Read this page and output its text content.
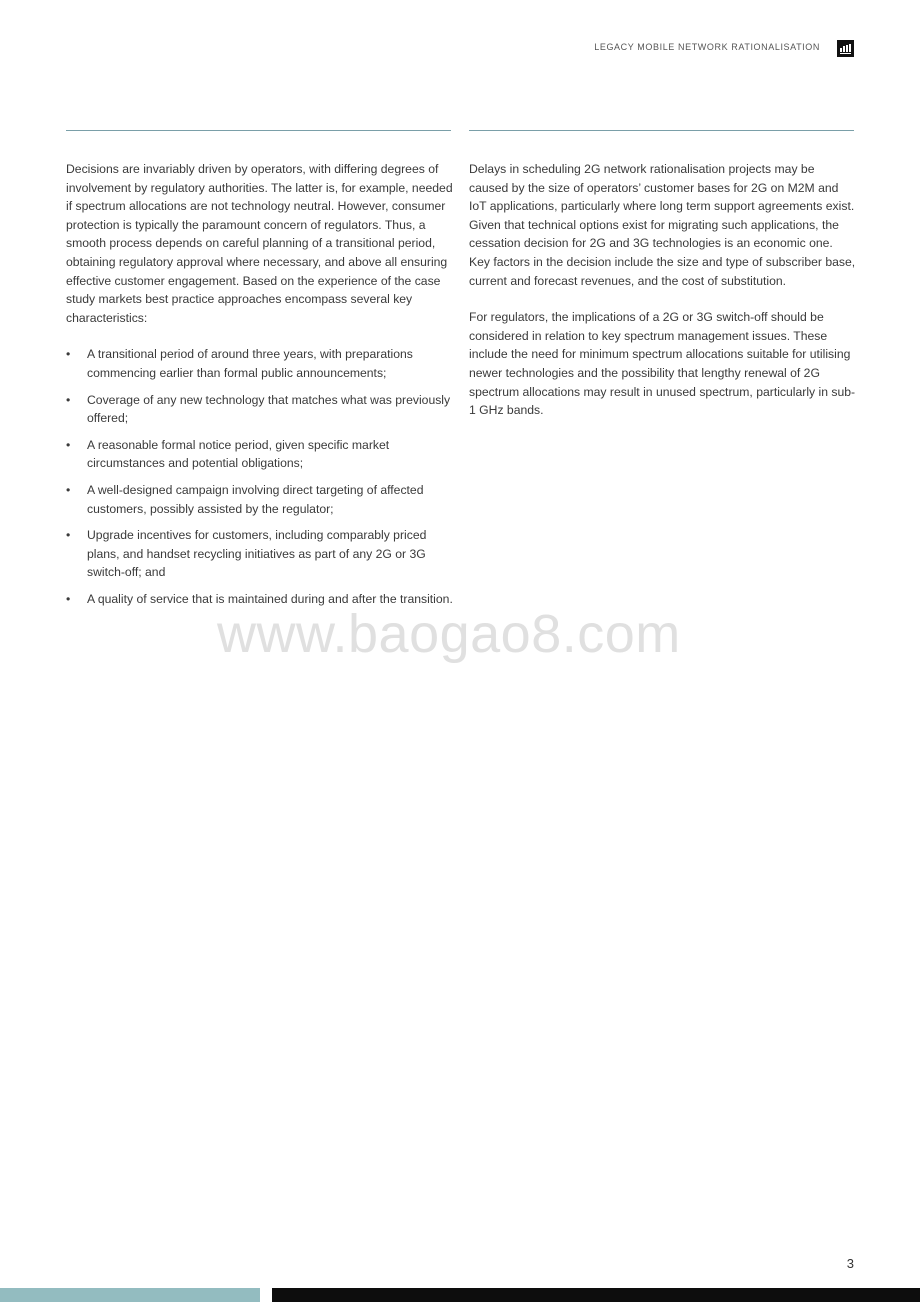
LEGACY MOBILE NETWORK RATIONALISATION

Decisions are invariably driven by operators, with differing degrees of involvement by regulatory authorities. The latter is, for example, needed if spectrum allocations are not technology neutral. However, consumer protection is typically the paramount concern of regulators. Thus, a smooth process depends on careful planning of a transitional period, obtaining regulatory approval where necessary, and above all ensuring effective customer engagement. Based on the experience of the case study markets best practice approaches encompass several key characteristics:

• A transitional period of around three years, with preparations commencing earlier than formal public announcements;
• Coverage of any new technology that matches what was previously offered;
• A reasonable formal notice period, given specific market circumstances and potential obligations;
• A well-designed campaign involving direct targeting of affected customers, possibly assisted by the regulator;
• Upgrade incentives for customers, including comparably priced plans, and handset recycling initiatives as part of any 2G or 3G switch-off; and
• A quality of service that is maintained during and after the transition.

Delays in scheduling 2G network rationalisation projects may be caused by the size of operators’ customer bases for 2G on M2M and IoT applications, particularly where long term support agreements exist. Given that technical options exist for migrating such applications, the cessation decision for 2G and 3G technologies is an economic one. Key factors in the decision include the size and type of subscriber base, current and forecast revenues, and the cost of substitution.

For regulators, the implications of a 2G or 3G switch-off should be considered in relation to key spectrum management issues. These include the need for minimum spectrum allocations suitable for utilising newer technologies and the possibility that lengthy renewal of 2G spectrum allocations may result in unused spectrum, particularly in sub-1 GHz bands.

www.baogao8.com
3
